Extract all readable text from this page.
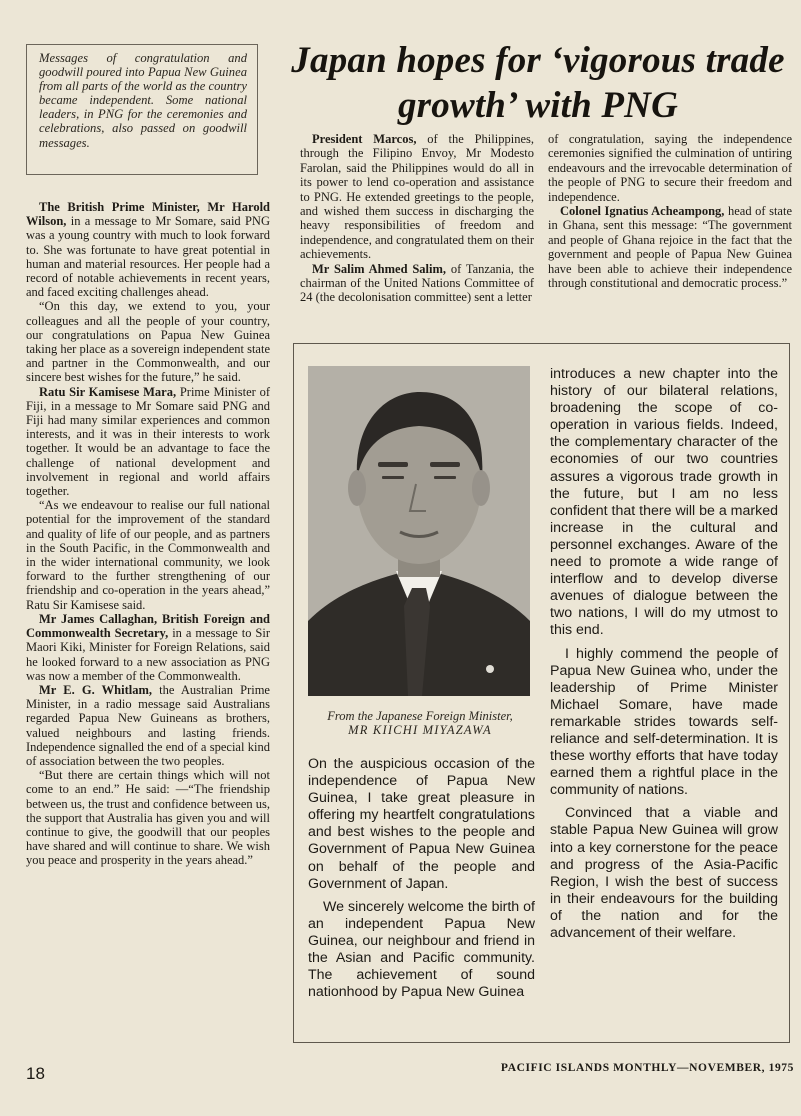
Messages of congratulation and goodwill poured into Papua New Guinea from all parts of the world as the country became independent. Some national leaders, in PNG for the ceremonies and celebrations, also passed on goodwill messages.

The British Prime Minister, Mr Harold Wilson, in a message to Mr Somare, said PNG was a young country with much to look forward to. She was fortunate to have great potential in human and material resources. Her people had a record of notable achievements in recent years, and faced exciting challenges ahead.

“On this day, we extend to you, your colleagues and all the people of your country, our congratulations on Papua New Guinea taking her place as a sovereign independent state and partner in the Commonwealth, and our sincere best wishes for the future,” he said.

Ratu Sir Kamisese Mara, Prime Minister of Fiji, in a message to Mr Somare said PNG and Fiji had many similar experiences and common interests, and it was in their interests to work together. It would be an advantage to face the challenge of national development and involvement in regional and world affairs together.

“As we endeavour to realise our full national potential for the improvement of the standard and quality of life of our people, and as partners in the South Pacific, in the Commonwealth and in the wider international community, we look forward to the further strengthening of our friendship and co-operation in the years ahead,” Ratu Sir Kamisese said.

Mr James Callaghan, British Foreign and Commonwealth Secretary, in a message to Sir Maori Kiki, Minister for Foreign Relations, said he looked forward to a new association as PNG was now a member of the Commonwealth.

Mr E. G. Whitlam, the Australian Prime Minister, in a radio message said Australians regarded Papua New Guineans as brothers, valued neighbours and lasting friends. Independence signalled the end of a special kind of association between the two peoples.

“But there are certain things which will not come to an end.” He said: —“The friendship between us, the trust and confidence between us, the support that Australia has given you and will continue to give, the goodwill that our peoples have shared and will continue to share. We wish you peace and prosperity in the years ahead.”

Japan hopes for ‘vigorous trade growth’ with PNG

President Marcos, of the Philippines, through the Filipino Envoy, Mr Modesto Farolan, said the Philippines would do all in its power to lend co-operation and assistance to PNG. He extended greetings to the people, and wished them success in discharging the heavy responsibilities of freedom and independence, and congratulated them on their achievements.

Mr Salim Ahmed Salim, of Tanzania, the chairman of the United Nations Committee of 24 (the decolonisation committee) sent a letter

of congratulation, saying the independence ceremonies signified the culmination of untiring endeavours and the irrevocable determination of the people of PNG to secure their freedom and independence.

Colonel Ignatius Acheampong, head of state in Ghana, sent this message: “The government and people of Ghana rejoice in the fact that the government and people of Papua New Guinea have been able to achieve their independence through constitutional and democratic process.”

From the Japanese Foreign Minister,
MR KIICHI MIYAZAWA

On the auspicious occasion of the independence of Papua New Guinea, I take great pleasure in offering my heartfelt congratulations and best wishes to the people and Government of Papua New Guinea on behalf of the people and Government of Japan.

We sincerely welcome the birth of an independent Papua New Guinea, our neighbour and friend in the Asian and Pacific community. The achievement of sound nationhood by Papua New Guinea

introduces a new chapter into the history of our bilateral relations, broadening the scope of co-operation in various fields. Indeed, the complementary character of the economies of our two countries assures a vigorous trade growth in the future, but I am no less confident that there will be a marked increase in the cultural and personnel exchanges. Aware of the need to promote a wide range of interflow and to develop diverse avenues of dialogue between the two nations, I will do my utmost to this end.

I highly commend the people of Papua New Guinea who, under the leadership of Prime Minister Michael Somare, have made remarkable strides towards self-reliance and self-determination. It is these worthy efforts that have today earned them a rightful place in the community of nations.

Convinced that a viable and stable Papua New Guinea will grow into a key cornerstone for the peace and progress of the Asia-Pacific Region, I wish the best of success in their endeavours for the building of the nation and for the advancement of their welfare.

18	PACIFIC ISLANDS MONTHLY—NOVEMBER, 1975
